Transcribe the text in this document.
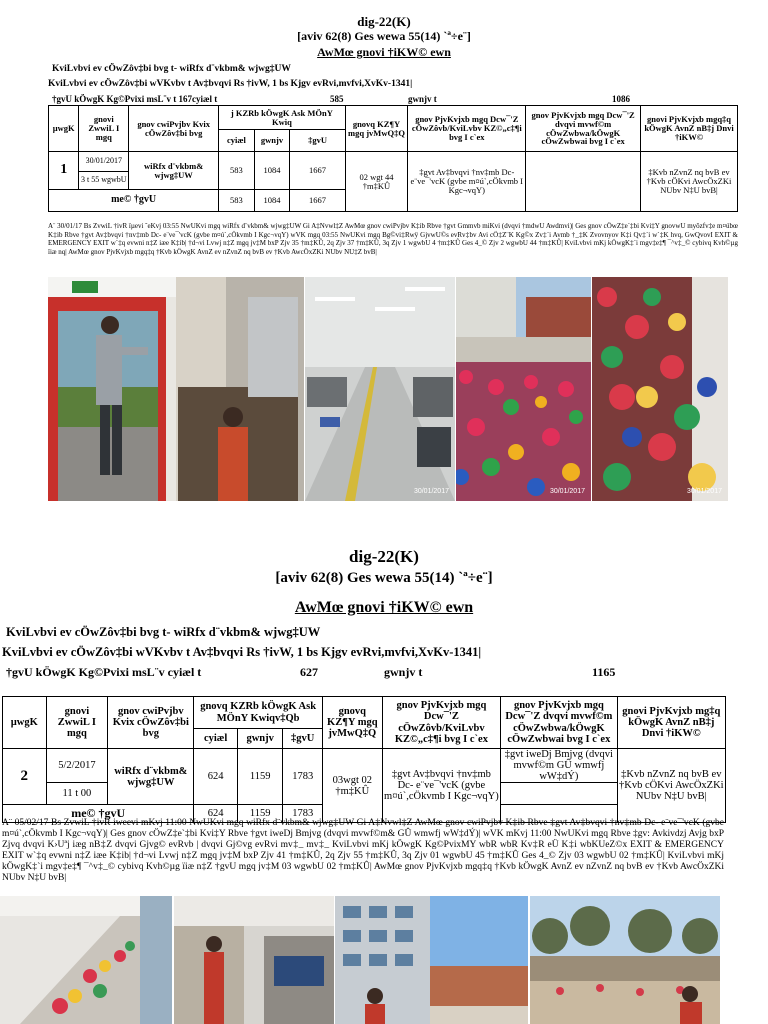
dig-22(K)
[aviv 62(8) Ges wewa 55(14) `ª÷e¨]
AwMœ gnovi †iKW© ewn
KviLvbvi ev cÖwZôv‡bi bvg t- wiRfx d¨vkbm& wjwg‡UW
KviLvbvi ev cÖwZôv‡bi wVKvbv t Av‡bvqvi Rs †ivW, 1 bs Kjgv evRvi,mvfvi,XvKv-1341|
†gvU kÖwgK Kg©Pvixi msL¨v t 167cyiæl t	585	gwnjv t	1086
µwgK	gnovi ZwwiL I mgq	gnov cwiPvjbv Kvix cÖwZôv‡bi bvg	j KZRb kÖwgK Ask MÖnY Kwiq			gnovq KZ¶Y mgq jvMwQ‡Q	gnov PjvKvjxb mgq Dcw¯'Z cÖwZôvb/KviLvbv KZ©„c‡¶i bvg I c`ex	gnov PjvKvjxb mgq Dcw¯'Z dvqvi mvwf©m cÖwZwbwa/kÖwgK cÖwZwbwai bvg I c`ex	gnovi PjvKvjxb mgq‡q kÖwgK AvnZ nB‡j Dnvi †iKW©
			cyiæl	gwnjv	‡gvU				
1	30/01/2017	wiRfx d¨vkbm& wjwg‡UW	583	1084	1667	02 wgt 44 †m‡KÛ	‡gvt Av‡bvqvi †nv‡mb Dc- e¨ve¯'vcK (gvbe m¤ú`,cÖkvmb I Kgc¬vqY)		‡Kvb nZvnZ nq bvB ev †Kvb cÖKvi AwcÖxZKi NUbv N‡U bvB|
	3 t 55 wgwbU								
me© †gvU			583	1084	1667				
A¨ 30/01/17 Bs ZvwiL †ivR ïµevi ˆeKvj 03:55 NwUKvi mgq wiRfx d¨vkbm& wjwg‡UW Gi A‡Nvwl‡Z AwMœ gnov cwiPvjbv K‡ib Rbve †gvt Gmmvb miKvi (dvqvi †mdwU Awdmvi)| Ges gnov cÖwZ‡e`‡bi Kvi‡Y gnovwU myôzfv‡e m¤úbœ K‡ib Rbve †gvt Av‡bvqvi †nv‡mb Dc- e¨ve¯'vcK (gvbe m¤ú`,cÖkvmb I Kgc¬vqY) wVK mgq 03:55 NwUKvi mgq Bg©vi‡Rwÿ GjvwU©s evRv‡bv Avi cÖ‡Z¨K Kg©x Zv‡`i Avmb †_‡K Zvovnyov K‡i Qv‡`i w`‡K hvq, GwQvovI EXIT & EMERGENCY EXIT w`‡q evwni n‡Z iæe K‡ib| †d¬vi Lvwj n‡Z mgq jv‡M bxP Zjv 35 †m‡KÛ, 2q Zjv 37 †m‡KÛ, 3q Zjv 1 wgwbU 4 †m‡KÛ Ges 4_© Zjv 2 wgwbU 44 †m‡KÛ| KviLvbvi mKj kÖwgK‡`i mgv‡e‡¶ ¯^v‡_© cybivq Kvh©µg ïiæ nq| AwMœ gnov PjvKvjxb mgq‡q †Kvb kÖwgK AvnZ ev nZvnZ nq bvB ev †Kvb AwcÖxZKi NUbv NU‡Z bvB|
30/01/2017	30/01/2017	30/01/2017
dig-22(K)
[aviv 62(8) Ges wewa 55(14) `ª÷e¨]
AwMœ gnovi †iKW© ewn
KviLvbvi ev cÖwZôv‡bi bvg t- wiRfx d¨vkbm& wjwg‡UW
KviLvbvi ev cÖwZôv‡bi wVKvbv t Av‡bvqvi Rs †ivW, 1 bs Kjgv evRvi,mvfvi,XvKv-1341|
†gvU kÖwgK Kg©Pvixi msL¨v cyiæl t	627	gwnjv t	1165
µwgK	gnovi ZwwiL I mgq	gnov cwiPvjbv Kvix cÖwZôv‡bi bvg	gnovq KZRb kÖwgK Ask MÖnY Kwiqv‡Qb			gnovq KZ¶Y mgq jvMwQ‡Q	gnov PjvKvjxb mgq Dcw¯'Z cÖwZôvb/KviLvbv KZ©„c‡¶i bvg I c`ex	gnov PjvKvjxb mgq Dcw¯'Z dvqvi mvwf©m cÖwZwbwa/kÖwgK cÖwZwbwai bvg I c`ex	gnovi PjvKvjxb mg‡q kÖwgK AvnZ nB‡j Dnvi †iKW©
			cyiæl	gwnjv	‡gvU				
2	5/2/2017	wiRfx d¨vkbm& wjwg‡UW	624	1159	1783	03wgt 02 †m‡KÛ	‡gvt Av‡bvqvi †nv‡mb Dc- e¨ve¯'vcK (gvbe m¤ú`,cÖkvmb I Kgc¬vqY)	‡gvt iweDj Bmjvg (dvqvi mvwf©m GÛ wmwfj wW‡dÝ)	‡Kvb nZvnZ nq bvB ev †Kvb cÖKvi AwcÖxZKi NUbv N‡U bvB|
	11 t 00								
me© †gvU			624	1159	1783				
A¨ 05/02/17 Bs ZvwiL †ivR iweevi mKvj 11:00 NwUKvi mgq wiRfx d¨vkbm& wjwg‡UW Gi A‡Nvwl‡Z AwMœ gnov cwiPvjbv K‡ib Rbve ‡gvt Av‡bvqvi †nv‡mb Dc- e¨ve¯'vcK (gvbe m¤ú`,cÖkvmb I Kgc¬vqY)| Ges gnov cÖwZ‡e`‡bi Kvi‡Y Rbve †gvt iweDj Bmjvg (dvqvi mvwf©m& GÛ wmwfj wW‡dÝ)| wVK mKvj 11:00 NwUKvi mgq Rbve ‡gv: Avkivdzj Avjg bxP Zjvq dvqvi K›Uªj iæg nB‡Z dvqvi Gjvg© evRvb | dvqvi Gj©vg evRvi mv‡_ mv‡_ KviLvbvi mKj kÖwgK Kg©PvixMY wbR wbR Kv‡R eÜ K‡i wbKUeZ©x EXIT & EMERGENCY EXIT w`‡q evwni n‡Z iæe K‡ib| †d¬vi Lvwj n‡Z mgq jv‡M bxP Zjv 41 †m‡KÛ, 2q Zjv 55 †m‡KÛ, 3q Zjv 01 wgwbU 45 †m‡KÛ Ges 4_© Zjv 03 wgwbU 02 †m‡KÛ| KviLvbvi mKj kÖwgK‡`i mgv‡e‡¶ ¯^v‡_© cybivq Kvh©µg ïiæ n‡Z †gvU mgq jv‡M 03 wgwbU 02 †m‡KÛ| AwMœ gnov PjvKvjxb mgq‡q †Kvb kÖwgK AvnZ ev nZvnZ nq bvB ev †Kvb AwcÖxZKi NUbv N‡U bvB|
